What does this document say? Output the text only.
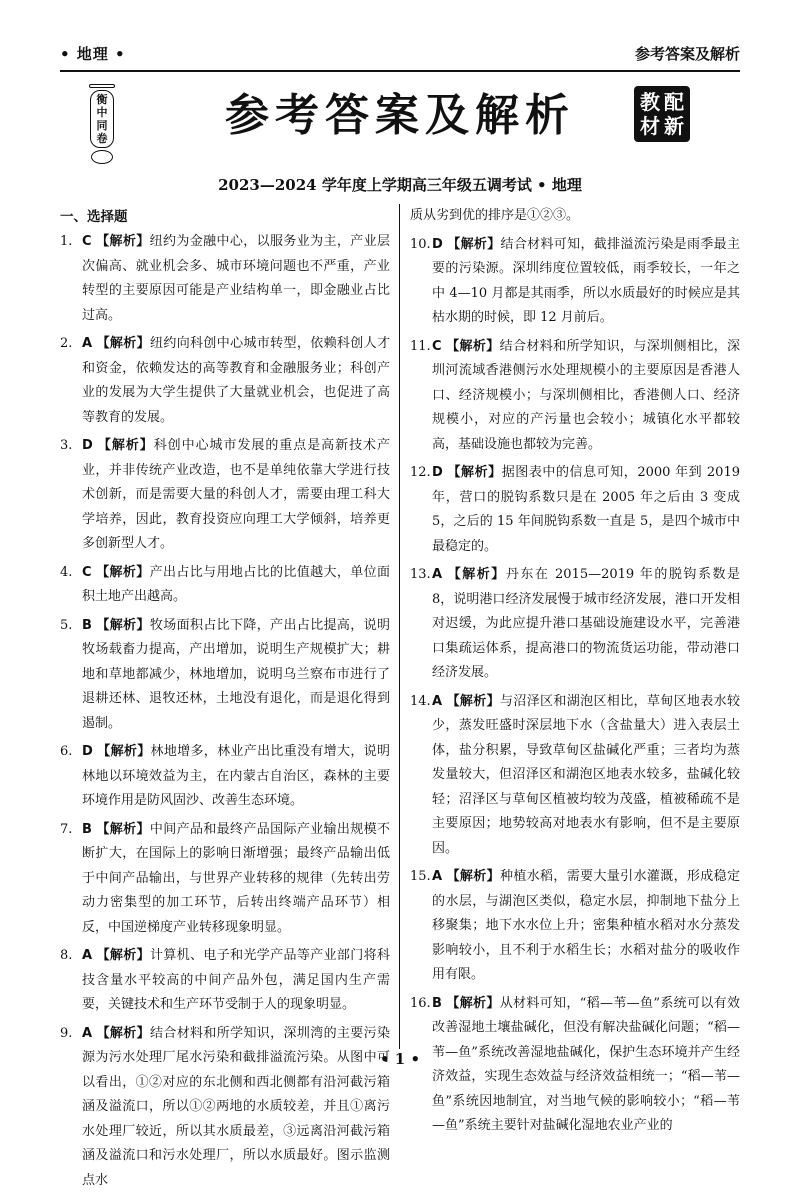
• 地理 •	参考答案及解析
衡
中
同
卷	参考答案及解析	教 配
材 新
2023—2024 学年度上学期高三年级五调考试 • 地理
一、选择题
1. C 【解析】纽约为金融中心，以服务业为主，产业层次偏高、就业机会多、城市环境问题也不严重，产业转型的主要原因可能是产业结构单一，即金融业占比过高。
2. A 【解析】纽约向科创中心城市转型，依赖科创人才和资金，依赖发达的高等教育和金融服务业；科创产业的发展为大学生提供了大量就业机会，也促进了高等教育的发展。
3. D 【解析】科创中心城市发展的重点是高新技术产业，并非传统产业改造，也不是单纯依靠大学进行技术创新，而是需要大量的科创人才，需要由理工科大学培养，因此，教育投资应向理工大学倾斜，培养更多创新型人才。
4. C 【解析】产出占比与用地占比的比值越大，单位面积土地产出越高。
5. B 【解析】牧场面积占比下降，产出占比提高，说明牧场载畜力提高，产出增加，说明生产规模扩大；耕地和草地都减少，林地增加，说明乌兰察布市进行了退耕还林、退牧还林，土地没有退化，而是退化得到遏制。
6. D 【解析】林地增多，林业产出比重没有增大，说明林地以环境效益为主，在内蒙古自治区，森林的主要环境作用是防风固沙、改善生态环境。
7. B 【解析】中间产品和最终产品国际产业输出规模不断扩大，在国际上的影响日渐增强；最终产品输出低于中间产品输出，与世界产业转移的规律（先转出劳动力密集型的加工环节，后转出终端产品环节）相反，中国逆梯度产业转移现象明显。
8. A 【解析】计算机、电子和光学产品等产业部门将科技含量水平较高的中间产品外包，满足国内生产需要，关键技术和生产环节受制于人的现象明显。
9. A 【解析】结合材料和所学知识，深圳湾的主要污染源为污水处理厂尾水污染和截排溢流污染。从图中可以看出，①②对应的东北侧和西北侧都有沿河截污箱涵及溢流口，所以①②两地的水质较差，并且①离污水处理厂较近，所以其水质最差，③远离沿河截污箱涵及溢流口和污水处理厂，所以水质最好。图示监测点水
质从劣到优的排序是①②③。
10.D 【解析】结合材料可知，截排溢流污染是雨季最主要的污染源。深圳纬度位置较低，雨季较长，一年之中 4—10 月都是其雨季，所以水质最好的时候应是其枯水期的时候，即 12 月前后。
11.C 【解析】结合材料和所学知识，与深圳侧相比，深圳河流域香港侧污水处理规模小的主要原因是香港人口、经济规模小；与深圳侧相比，香港侧人口、经济规模小，对应的产污量也会较小；城镇化水平都较高，基础设施也都较为完善。
12.D 【解析】据图表中的信息可知，2000 年到 2019 年，营口的脱钩系数只是在 2005 年之后由 3 变成 5，之后的 15 年间脱钩系数一直是 5，是四个城市中最稳定的。
13.A 【解析】丹东在 2015—2019 年的脱钩系数是 8，说明港口经济发展慢于城市经济发展，港口开发相对迟缓，为此应提升港口基础设施建设水平，完善港口集疏运体系，提高港口的物流货运功能，带动港口经济发展。
14.A 【解析】与沼泽区和湖泡区相比，草甸区地表水较少，蒸发旺盛时深层地下水（含盐量大）进入表层土体，盐分积累，导致草甸区盐碱化严重；三者均为蒸发量较大，但沼泽区和湖泡区地表水较多，盐碱化较轻；沼泽区与草甸区植被均较为茂盛，植被稀疏不是主要原因；地势较高对地表水有影响，但不是主要原因。
15.A 【解析】种植水稻，需要大量引水灌溉，形成稳定的水层，与湖泡区类似，稳定水层，抑制地下盐分上移聚集；地下水水位上升；密集种植水稻对水分蒸发影响较小，且不利于水稻生长；水稻对盐分的吸收作用有限。
16.B 【解析】从材料可知，“稻—苇—鱼”系统可以有效改善湿地土壤盐碱化，但没有解决盐碱化问题；“稻—苇—鱼”系统改善湿地盐碱化，保护生态环境并产生经济效益，实现生态效益与经济效益相统一；“稻—苇—鱼”系统因地制宜，对当地气候的影响较小；“稻—苇—鱼”系统主要针对盐碱化湿地农业产业的
• 1 •
